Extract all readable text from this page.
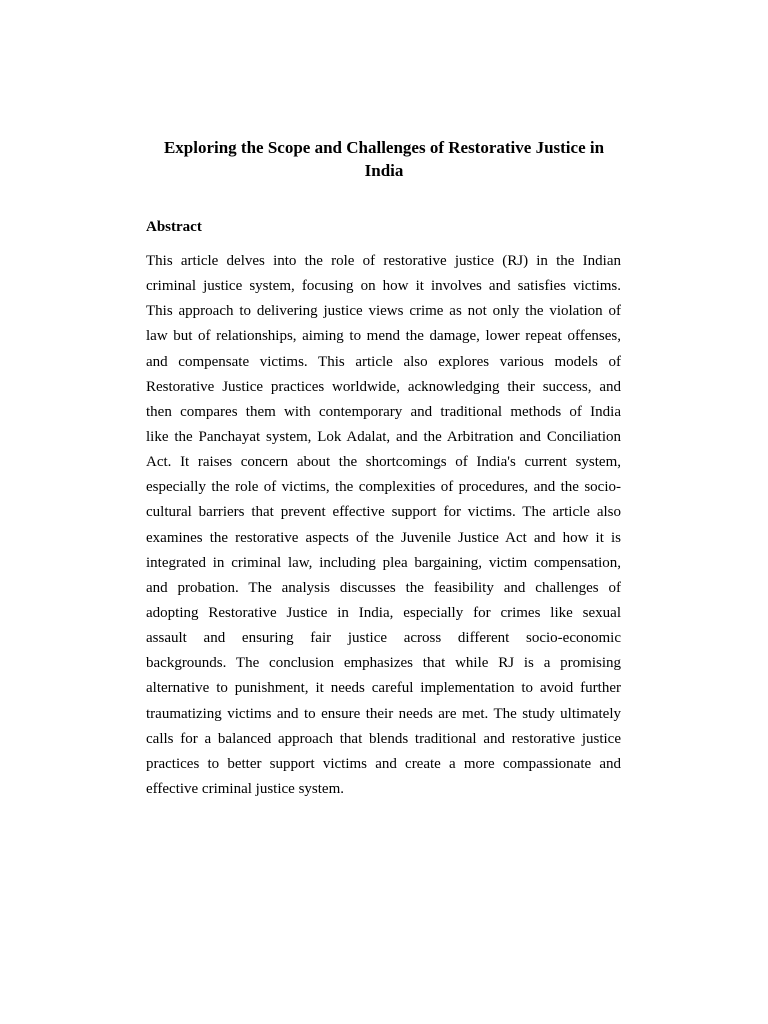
Exploring the Scope and Challenges of Restorative Justice in
India
Abstract
This article delves into the role of restorative justice (RJ) in the Indian
criminal justice system, focusing on how it involves and satisfies victims.
This approach to delivering justice views crime as not only the violation of
law but of relationships, aiming to mend the damage, lower repeat offenses,
and compensate victims. This article also explores various models of
Restorative Justice practices worldwide, acknowledging their success, and
then compares them with contemporary and traditional methods of India
like the Panchayat system, Lok Adalat, and the Arbitration and Conciliation
Act. It raises concern about the shortcomings of India's current system,
especially the role of victims, the complexities of procedures, and the socio-
cultural barriers that prevent effective support for victims. The article also
examines the restorative aspects of the Juvenile Justice Act and how it is
integrated in criminal law, including plea bargaining, victim compensation,
and probation. The analysis discusses the feasibility and challenges of
adopting Restorative Justice in India, especially for crimes like sexual
assault and ensuring fair justice across different socio-economic
backgrounds. The conclusion emphasizes that while RJ is a promising
alternative to punishment, it needs careful implementation to avoid further
traumatizing victims and to ensure their needs are met. The study ultimately
calls for a balanced approach that blends traditional and restorative justice
practices to better support victims and create a more compassionate and
effective criminal justice system.
